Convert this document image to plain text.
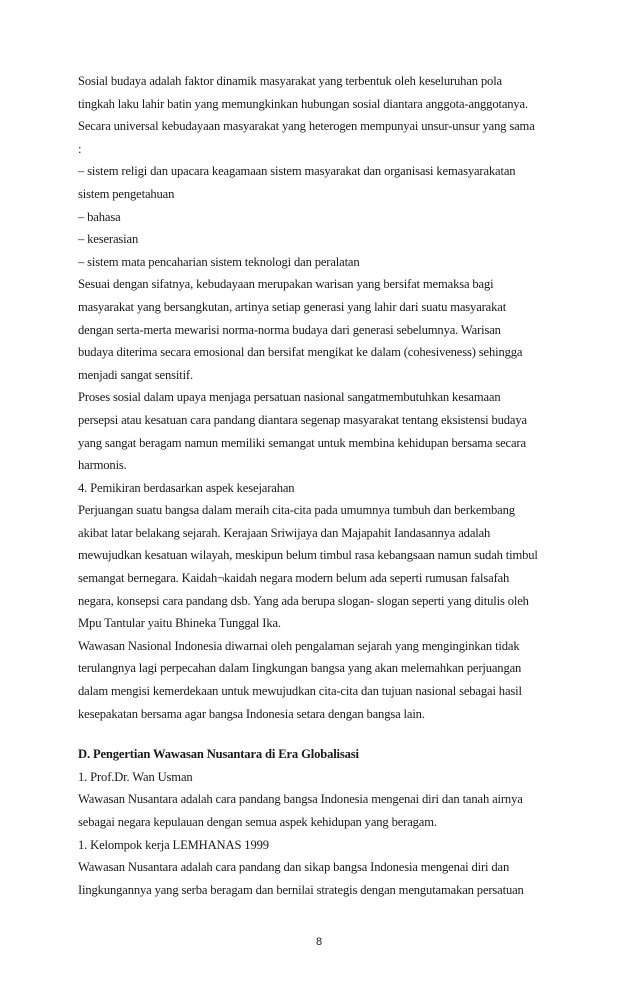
Sosial budaya adalah faktor dinamik masyarakat yang terbentuk oleh keseluruhan pola
tingkah laku lahir batin yang memungkinkan hubungan sosial diantara anggota-anggotanya.
Secara universal kebudayaan masyarakat yang heterogen mempunyai unsur-unsur yang sama
:
– sistem religi dan upacara keagamaan sistem masyarakat dan organisasi kemasyarakatan
sistem pengetahuan
– bahasa
– keserasian
– sistem mata pencaharian sistem teknologi dan peralatan
Sesuai dengan sifatnya, kebudayaan merupakan warisan yang bersifat memaksa bagi
masyarakat yang bersangkutan, artinya setiap generasi yang lahir dari suatu masyarakat
dengan serta-merta mewarisi norma-norma budaya dari generasi sebelumnya. Warisan
budaya diterima secara emosional dan bersifat mengikat ke dalam (cohesiveness) sehingga
menjadi sangat sensitif.
Proses sosial dalam upaya menjaga persatuan nasional sangatmembutuhkan kesamaan
persepsi atau kesatuan cara pandang diantara segenap masyarakat tentang eksistensi budaya
yang sangat beragam namun memiliki semangat untuk membina kehidupan bersama secara
harmonis.
4. Pemikiran berdasarkan aspek kesejarahan
Perjuangan suatu bangsa dalam meraih cita-cita pada umumnya tumbuh dan berkembang
akibat latar belakang sejarah. Kerajaan Sriwijaya dan Majapahit Iandasannya adalah
mewujudkan kesatuan wilayah, meskipun belum timbul rasa kebangsaan namun sudah timbul
semangat bernegara. Kaidah¬kaidah negara modern belum ada seperti rumusan falsafah
negara, konsepsi cara pandang dsb. Yang ada berupa slogan- slogan seperti yang ditulis oleh
Mpu Tantular yaitu Bhineka Tunggal Ika.
Wawasan Nasional Indonesia diwarnai oleh pengalaman sejarah yang menginginkan tidak
terulangnya lagi perpecahan dalam Iingkungan bangsa yang akan melemahkan perjuangan
dalam mengisi kemerdekaan untuk mewujudkan cita-cita dan tujuan nasional sebagai hasil
kesepakatan bersama agar bangsa Indonesia setara dengan bangsa lain.
D. Pengertian Wawasan Nusantara di Era Globalisasi
1. Prof.Dr. Wan Usman
Wawasan Nusantara adalah cara pandang bangsa Indonesia mengenai diri dan tanah airnya
sebagai negara kepulauan dengan semua aspek kehidupan yang beragam.
1. Kelompok kerja LEMHANAS 1999
Wawasan Nusantara adalah cara pandang dan sikap bangsa Indonesia mengenai diri dan
Iingkungannya yang serba beragam dan bernilai strategis dengan mengutamakan persatuan
8
